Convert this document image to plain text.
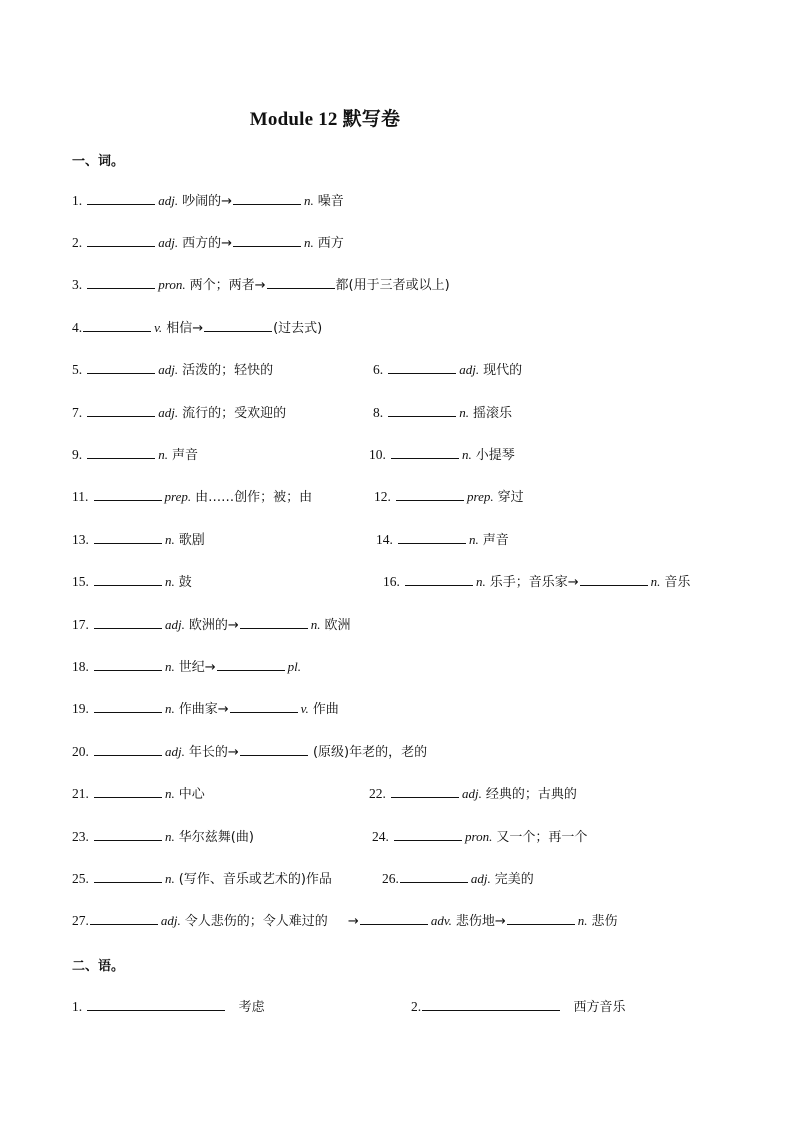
Module 12 默写卷
一、词。
1.	adj. 吵闹的→	n. 噪音
2.	adj. 西方的→	n. 西方
3.	pron. 两个；两者→	都(用于三者或以上)
4.	v. 相信→	(过去式)
5.	adj. 活泼的；轻快的	6.	adj. 现代的
7.	adj. 流行的；受欢迎的	8.	n. 摇滚乐
9.	n. 声音	10.	n. 小提琴
11.	prep. 由……创作；被；由	12.	prep. 穿过
13.	n. 歌剧	14.	n. 声音
15.	n. 鼓	16.	n. 乐手；音乐家→	n. 音乐
17.	adj. 欧洲的→	n. 欧洲
18.	n. 世纪→	pl.
19.	n. 作曲家→	v. 作曲
20.	adj. 年长的→	(原级)年老的，老的
21.	n. 中心	22.	adj. 经典的；古典的
23.	n. 华尔兹舞(曲)	24.	pron. 又一个；再一个
25.	n. (写作、音乐或艺术的)作品	26.	adj. 完美的
27.	adj. 令人悲伤的；令人难过的 →	adv. 悲伤地→	n. 悲伤
二、语。
1.	考虑	2.	西方音乐
